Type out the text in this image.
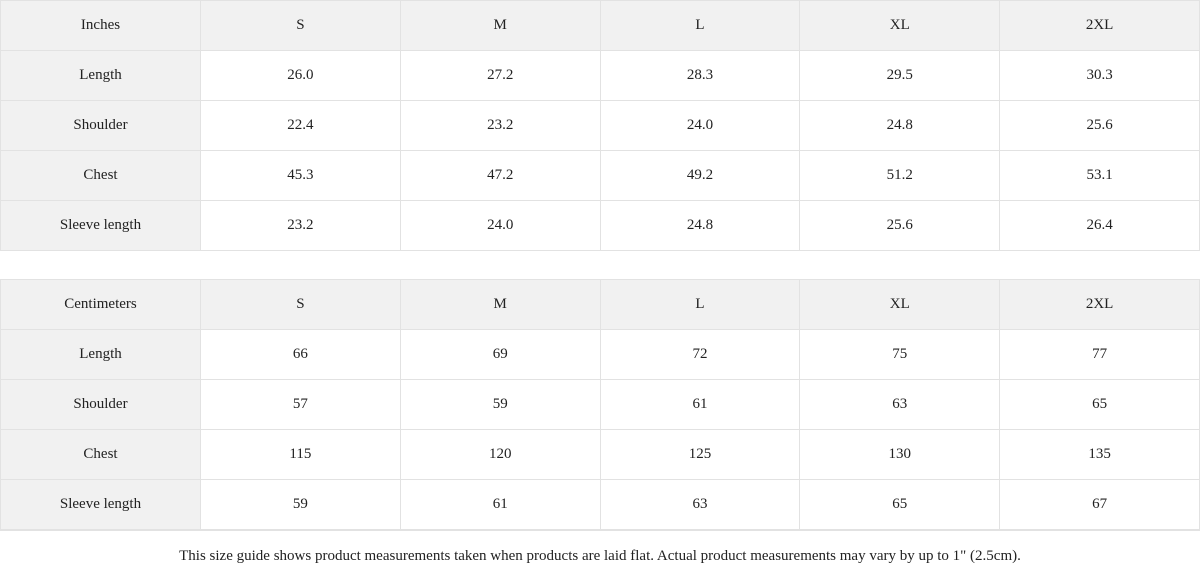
Inches	S	M	L	XL	2XL
Length	26.0	27.2	28.3	29.5	30.3
Shoulder	22.4	23.2	24.0	24.8	25.6
Chest	45.3	47.2	49.2	51.2	53.1
Sleeve length	23.2	24.0	24.8	25.6	26.4
Centimeters	S	M	L	XL	2XL
Length	66	69	72	75	77
Shoulder	57	59	61	63	65
Chest	115	120	125	130	135
Sleeve length	59	61	63	65	67
This size guide shows product measurements taken when products are laid flat. Actual product measurements may vary by up to 1" (2.5cm).
